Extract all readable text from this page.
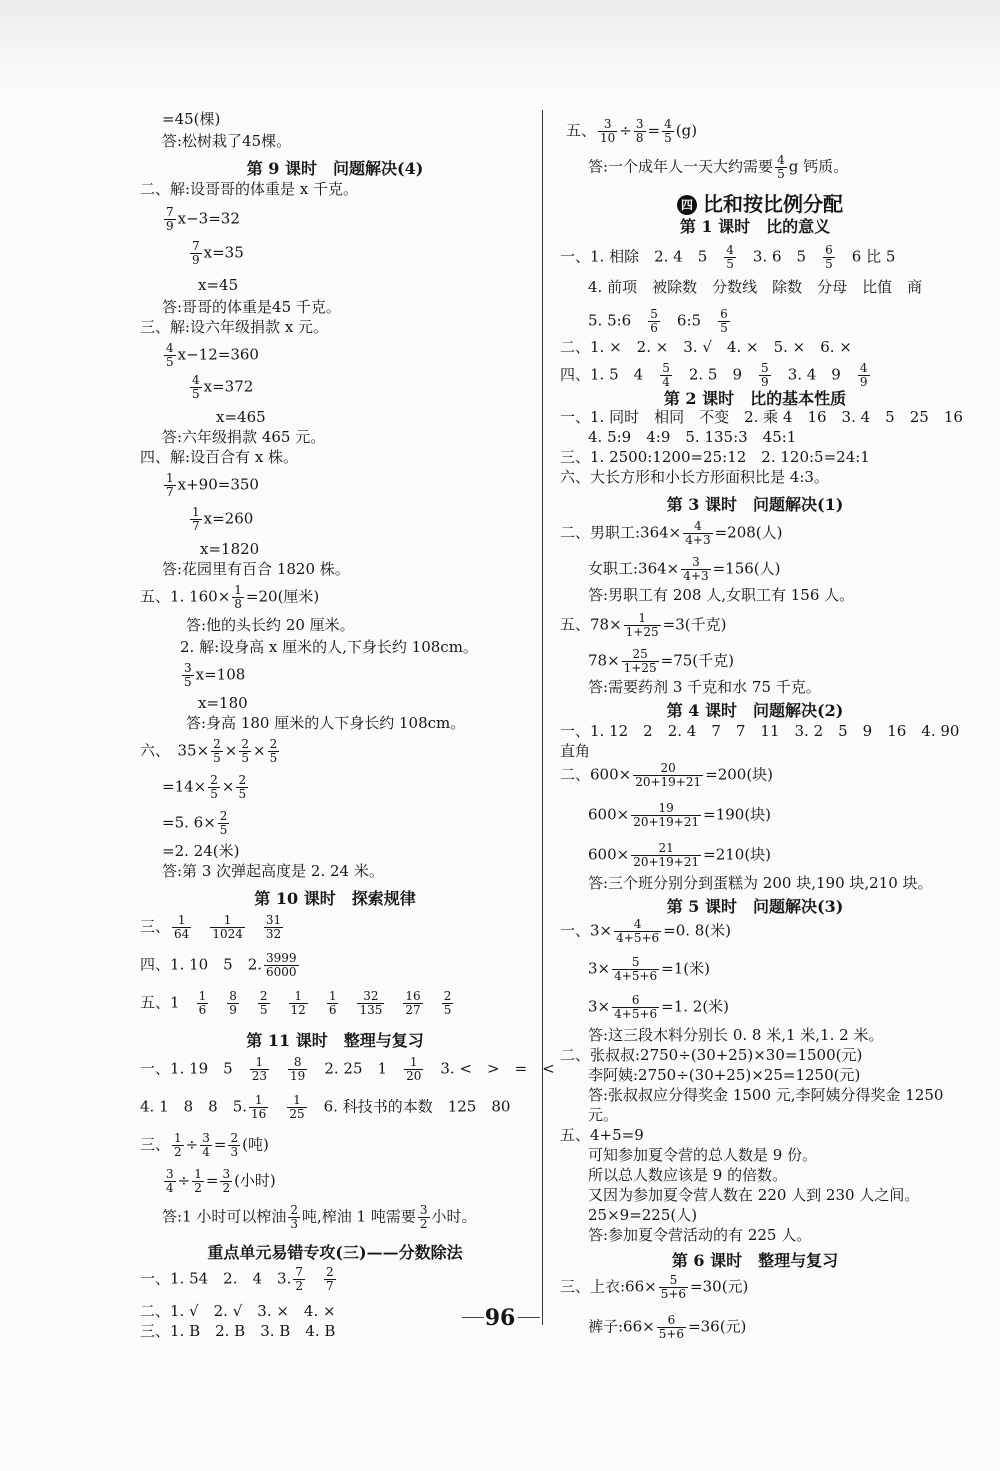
=45(棵)
答:松树栽了45棵。
第 9 课时　问题解决(4)
二、解:设哥哥的体重是 x 千克。
$\frac{7}{9} x-3=32$
$\frac{7}{9} x=35$
x=45
答:哥哥的体重是45 千克。
三、解:设六年级捐款 x 元。
$\frac{4}{5} x-12=360$
$\frac{4}{5} x=372$
x=465
答:六年级捐款 465 元。
四、解:设百合有 x 株。
$\frac{1}{7} x+90=350$
$\frac{1}{7} x=260$
x=1820
答:花园里有百合 1820 株。
五、1. $160\times \frac{1}{8} =20$(厘米)
答:他的头长约 20 厘米。
2. 解:设身高 x 厘米的人,下身长约 108cm。
$\frac{3}{5} x=108$
x=180
答:身高 180 厘米的人下身长约 108cm。
六、　$35\times \frac{2}{5} \times \frac{2}{5} \times \frac{2}{5}$
$=14\times \frac{2}{5} \times \frac{2}{5}$
=5. $6\times \frac{2}{5}$
=2. 24(米)
答:第 3 次弹起高度是 2. 24 米。
第 10 课时　探索规律
三、 $\frac{1}{64}$
　 $\frac{1}{1024}$
　 $\frac{31}{32}$
四、1. 10　5　2. $\frac{3999}{6000}$
五、1　 $\frac{1}{6}$
　 $\frac{8}{9}$
　 $\frac{2}{5}$
　 $\frac{1}{12}$
　 $\frac{1}{6}$
　 $\frac{32}{135}$
　 $\frac{16}{27}$
　 $\frac{2}{5}$
第 11 课时　整理与复习
一、1. 19　5　 $\frac{1}{23}$
　 $\frac{8}{19}$
　 2. 25　1　 $\frac{1}{20}$
　 3. <　>　=　<
4. 1　8　8　5. $\frac{1}{16}$
　 $\frac{1}{25}$
　 6. 科技书的本数　125　80
三、 $\frac{1}{2} \div \frac{3}{4} = \frac{2}{3}$ (吨)
$\frac{3}{4} \div \frac{1}{2} = \frac{3}{2}$ (小时)
答:1 小时可以榨油 $\frac{2}{3}$ 吨,榨油 1 吨需要 $\frac{3}{2}$ 小时。
重点单元易错专攻(三)——分数除法
一、1. 54　2.　4　3. $\frac{7}{2}$
　 $\frac{2}{7}$
二、1. √　2. √　3. ×　4. ×
三、1. B　2. B　3. B　4. B
五、 $\frac{3}{10} \div \frac{3}{8} = \frac{4}{5} (g)$
答:一个成年人一天大约需要 $\frac{4}{5}$ g 钙质。
四 比和按比例分配
第 1 课时　比的意义
一、1. 相除　2. 4　5　 $\frac{4}{5}$
　 3. 6　5　 $\frac{6}{5}$
　 6 比 5
4. 前项　被除数　分数线　除数　分母　比值　商
5. 5:6　 $\frac{5}{6}$
　 6:5　 $\frac{6}{5}$
二、1. ×　2. ×　3. √　4. ×　5. ×　6. ×
四、1. 5　4　 $\frac{5}{4}$
　 2. 5　9　 $\frac{5}{9}$
　 3. 4　9　 $\frac{4}{9}$
第 2 课时　比的基本性质
一、1. 同时　相同　不变　2. 乘 4　16　3. 4　5　25　16
4. 5:9　4:9　5. 135:3　45:1
三、1. 2500:1200=25:12　2. 120:5=24:1
六、大长方形和小长方形面积比是 4:3。
第 3 课时　问题解决(1)
二、男职工:364× $\frac{4}{4+3} =208$(人)
女职工:364× $\frac{3}{4+3} =156$(人)
答:男职工有 208 人,女职工有 156 人。
五、$78\times \frac{1}{1+25} =3$(千克)
$78\times \frac{25}{1+25} =75$(千克)
答:需要药剂 3 千克和水 75 千克。
第 4 课时　问题解决(2)
一、1. 12　2　2. 4　7　7　11　3. 2　5　9　16　4. 90
直角
二、$600\times \frac{20}{20+19+21} =200$(块)
$600\times \frac{19}{20+19+21} =190$(块)
$600\times \frac{21}{20+19+21} =210$(块)
答:三个班分别分到蛋糕为 200 块,190 块,210 块。
第 5 课时　问题解决(3)
一、$3\times \frac{4}{4+5+6} =0$. 8(米)
$3\times \frac{5}{4+5+6} =1$(米)
$3\times \frac{6}{4+5+6} =1$. 2(米)
答:这三段木料分别长 0. 8 米,1 米,1. 2 米。
二、张叔叔:2750÷(30+25)×30=1500(元)
李阿姨:2750÷(30+25)×25=1250(元)
答:张叔叔应分得奖金 1500 元,李阿姨分得奖金 1250
元。
五、4+5=9
可知参加夏令营的总人数是 9 份。
所以总人数应该是 9 的倍数。
又因为参加夏令营人数在 220 人到 230 人之间。
25×9=225(人)
答:参加夏令营活动的有 225 人。
第 6 课时　整理与复习
三、上衣:66× $\frac{5}{5+6} =30$(元)
裤子:66× $\frac{6}{5+6} =36$(元)
96
